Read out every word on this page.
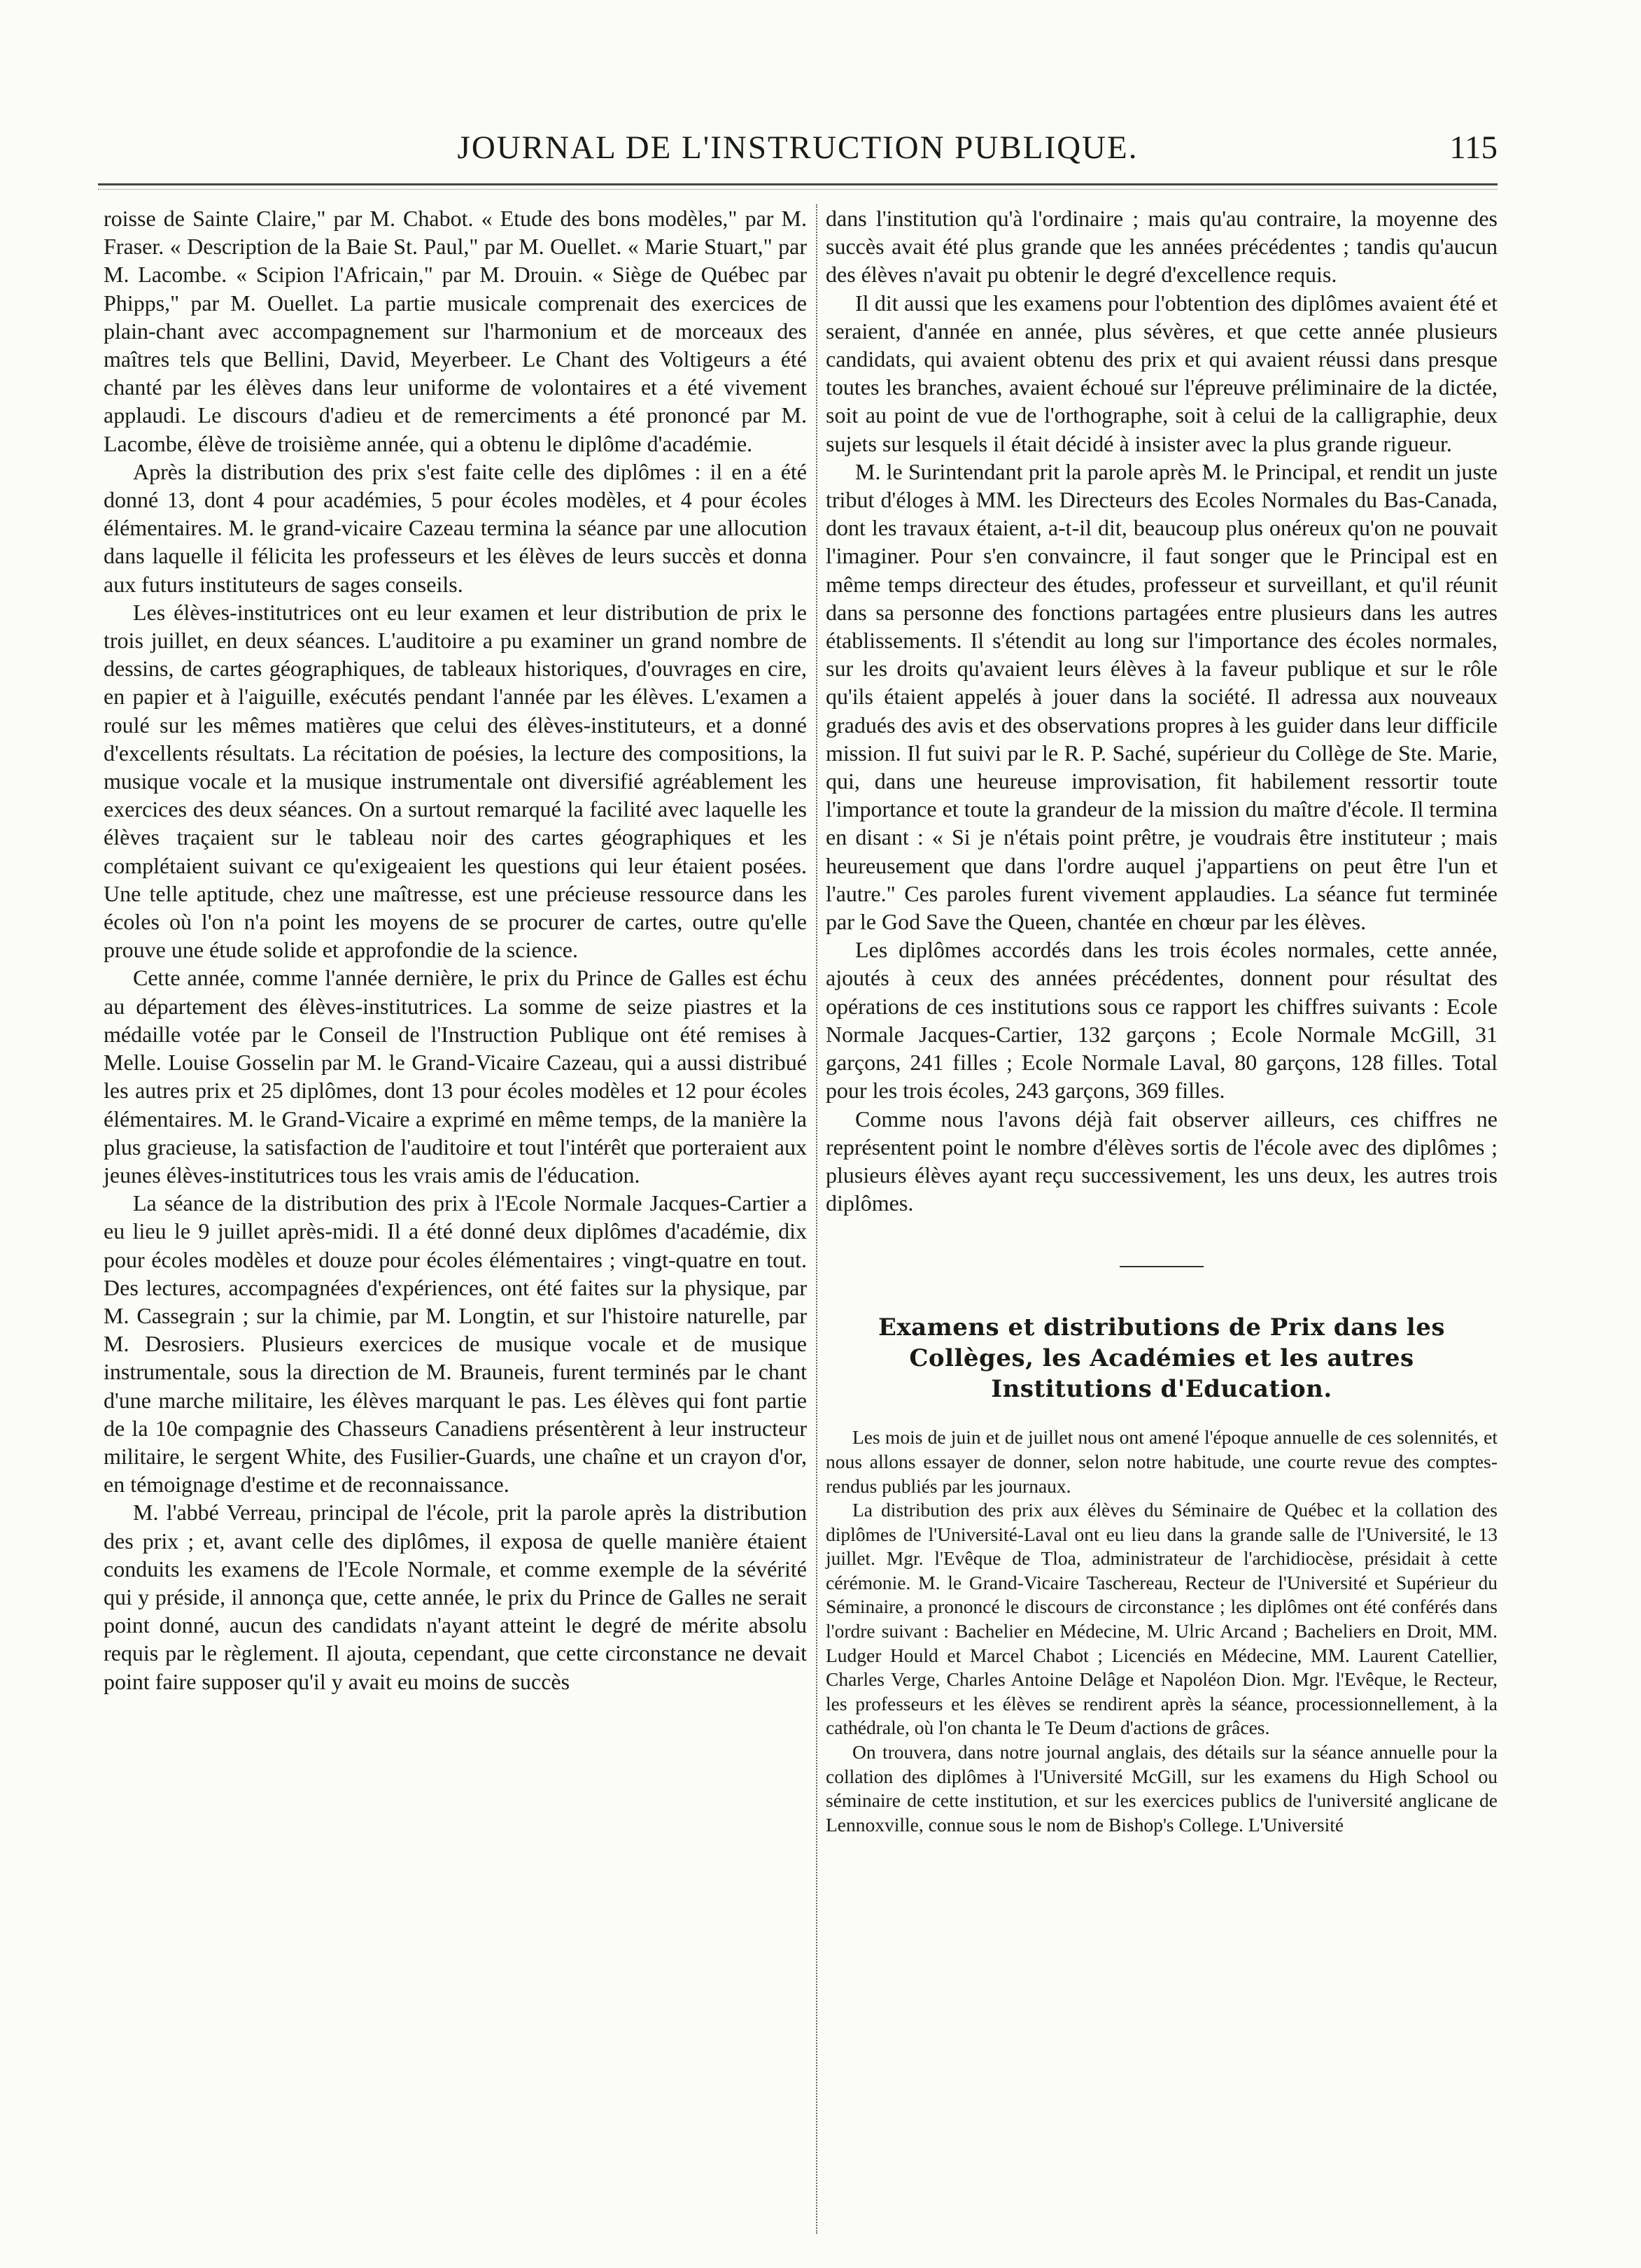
JOURNAL DE L'INSTRUCTION PUBLIQUE.	115

roisse de Sainte Claire," par M. Chabot. « Etude des bons modèles," par M. Fraser. « Description de la Baie St. Paul," par M. Ouellet. « Marie Stuart," par M. Lacombe. « Scipion l'Africain," par M. Drouin. « Siège de Québec par Phipps," par M. Ouellet. La partie musicale comprenait des exercices de plain-chant avec accompagnement sur l'harmonium et de morceaux des maîtres tels que Bellini, David, Meyerbeer. Le Chant des Voltigeurs a été chanté par les élèves dans leur uniforme de volontaires et a été vivement applaudi. Le discours d'adieu et de remerciments a été prononcé par M. Lacombe, élève de troisième année, qui a obtenu le diplôme d'académie.

Après la distribution des prix s'est faite celle des diplômes : il en a été donné 13, dont 4 pour académies, 5 pour écoles modèles, et 4 pour écoles élémentaires. M. le grand-vicaire Cazeau termina la séance par une allocution dans laquelle il félicita les professeurs et les élèves de leurs succès et donna aux futurs instituteurs de sages conseils.

Les élèves-institutrices ont eu leur examen et leur distribution de prix le trois juillet, en deux séances. L'auditoire a pu examiner un grand nombre de dessins, de cartes géographiques, de tableaux historiques, d'ouvrages en cire, en papier et à l'aiguille, exécutés pendant l'année par les élèves. L'examen a roulé sur les mêmes matières que celui des élèves-instituteurs, et a donné d'excellents résultats. La récitation de poésies, la lecture des compositions, la musique vocale et la musique instrumentale ont diversifié agréablement les exercices des deux séances. On a surtout remarqué la facilité avec laquelle les élèves traçaient sur le tableau noir des cartes géographiques et les complétaient suivant ce qu'exigeaient les questions qui leur étaient posées. Une telle aptitude, chez une maîtresse, est une précieuse ressource dans les écoles où l'on n'a point les moyens de se procurer de cartes, outre qu'elle prouve une étude solide et approfondie de la science.

Cette année, comme l'année dernière, le prix du Prince de Galles est échu au département des élèves-institutrices. La somme de seize piastres et la médaille votée par le Conseil de l'Instruction Publique ont été remises à Melle. Louise Gosselin par M. le Grand-Vicaire Cazeau, qui a aussi distribué les autres prix et 25 diplômes, dont 13 pour écoles modèles et 12 pour écoles élémentaires. M. le Grand-Vicaire a exprimé en même temps, de la manière la plus gracieuse, la satisfaction de l'auditoire et tout l'intérêt que porteraient aux jeunes élèves-institutrices tous les vrais amis de l'éducation.

La séance de la distribution des prix à l'Ecole Normale Jacques-Cartier a eu lieu le 9 juillet après-midi. Il a été donné deux diplômes d'académie, dix pour écoles modèles et douze pour écoles élémentaires ; vingt-quatre en tout. Des lectures, accompagnées d'expériences, ont été faites sur la physique, par M. Cassegrain ; sur la chimie, par M. Longtin, et sur l'histoire naturelle, par M. Desrosiers. Plusieurs exercices de musique vocale et de musique instrumentale, sous la direction de M. Brauneis, furent terminés par le chant d'une marche militaire, les élèves marquant le pas. Les élèves qui font partie de la 10e compagnie des Chasseurs Canadiens présentèrent à leur instructeur militaire, le sergent White, des Fusilier-Guards, une chaîne et un crayon d'or, en témoignage d'estime et de reconnaissance.

M. l'abbé Verreau, principal de l'école, prit la parole après la distribution des prix ; et, avant celle des diplômes, il exposa de quelle manière étaient conduits les examens de l'Ecole Normale, et comme exemple de la sévérité qui y préside, il annonça que, cette année, le prix du Prince de Galles ne serait point donné, aucun des candidats n'ayant atteint le degré de mérite absolu requis par le règlement. Il ajouta, cependant, que cette circonstance ne devait point faire supposer qu'il y avait eu moins de succès

dans l'institution qu'à l'ordinaire ; mais qu'au contraire, la moyenne des succès avait été plus grande que les années précédentes ; tandis qu'aucun des élèves n'avait pu obtenir le degré d'excellence requis.

Il dit aussi que les examens pour l'obtention des diplômes avaient été et seraient, d'année en année, plus sévères, et que cette année plusieurs candidats, qui avaient obtenu des prix et qui avaient réussi dans presque toutes les branches, avaient échoué sur l'épreuve préliminaire de la dictée, soit au point de vue de l'orthographe, soit à celui de la calligraphie, deux sujets sur lesquels il était décidé à insister avec la plus grande rigueur.

M. le Surintendant prit la parole après M. le Principal, et rendit un juste tribut d'éloges à MM. les Directeurs des Ecoles Normales du Bas-Canada, dont les travaux étaient, a-t-il dit, beaucoup plus onéreux qu'on ne pouvait l'imaginer. Pour s'en convaincre, il faut songer que le Principal est en même temps directeur des études, professeur et surveillant, et qu'il réunit dans sa personne des fonctions partagées entre plusieurs dans les autres établissements. Il s'étendit au long sur l'importance des écoles normales, sur les droits qu'avaient leurs élèves à la faveur publique et sur le rôle qu'ils étaient appelés à jouer dans la société. Il adressa aux nouveaux gradués des avis et des observations propres à les guider dans leur difficile mission. Il fut suivi par le R. P. Saché, supérieur du Collège de Ste. Marie, qui, dans une heureuse improvisation, fit habilement ressortir toute l'importance et toute la grandeur de la mission du maître d'école. Il termina en disant : « Si je n'étais point prêtre, je voudrais être instituteur ; mais heureusement que dans l'ordre auquel j'appartiens on peut être l'un et l'autre." Ces paroles furent vivement applaudies. La séance fut terminée par le God Save the Queen, chantée en chœur par les élèves.

Les diplômes accordés dans les trois écoles normales, cette année, ajoutés à ceux des années précédentes, donnent pour résultat des opérations de ces institutions sous ce rapport les chiffres suivants : Ecole Normale Jacques-Cartier, 132 garçons ; Ecole Normale McGill, 31 garçons, 241 filles ; Ecole Normale Laval, 80 garçons, 128 filles. Total pour les trois écoles, 243 garçons, 369 filles.

Comme nous l'avons déjà fait observer ailleurs, ces chiffres ne représentent point le nombre d'élèves sortis de l'école avec des diplômes ; plusieurs élèves ayant reçu successivement, les uns deux, les autres trois diplômes.

Examens et distributions de Prix dans les Collèges, les Académies et les autres Institutions d'Education.

Les mois de juin et de juillet nous ont amené l'époque annuelle de ces solennités, et nous allons essayer de donner, selon notre habitude, une courte revue des comptes-rendus publiés par les journaux.

La distribution des prix aux élèves du Séminaire de Québec et la collation des diplômes de l'Université-Laval ont eu lieu dans la grande salle de l'Université, le 13 juillet. Mgr. l'Evêque de Tloa, administrateur de l'archidiocèse, présidait à cette cérémonie. M. le Grand-Vicaire Taschereau, Recteur de l'Université et Supérieur du Séminaire, a prononcé le discours de circonstance ; les diplômes ont été conférés dans l'ordre suivant : Bachelier en Médecine, M. Ulric Arcand ; Bacheliers en Droit, MM. Ludger Hould et Marcel Chabot ; Licenciés en Médecine, MM. Laurent Catellier, Charles Verge, Charles Antoine Delâge et Napoléon Dion. Mgr. l'Evêque, le Recteur, les professeurs et les élèves se rendirent après la séance, processionnellement, à la cathédrale, où l'on chanta le Te Deum d'actions de grâces.

On trouvera, dans notre journal anglais, des détails sur la séance annuelle pour la collation des diplômes à l'Université McGill, sur les examens du High School ou séminaire de cette institution, et sur les exercices publics de l'université anglicane de Lennoxville, connue sous le nom de Bishop's College. L'Université
